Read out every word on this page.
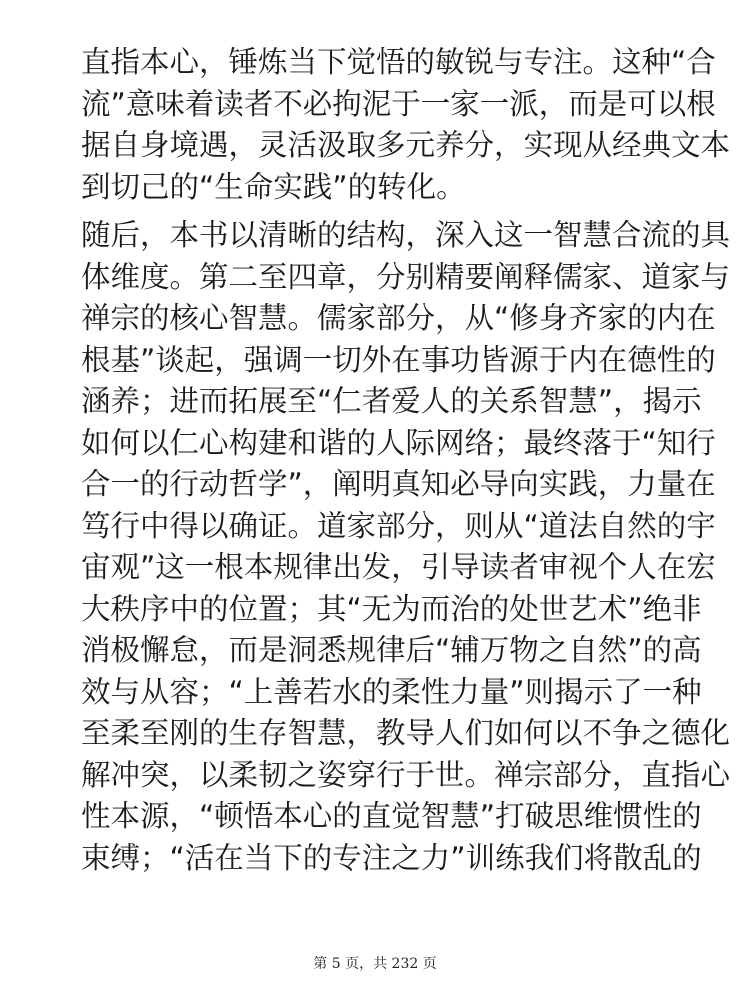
直指本心，锤炼当下觉悟的敏锐与专注。这种“合
流”意味着读者不必拘泥于一家一派，而是可以根
据自身境遇，灵活汲取多元养分，实现从经典文本
到切己的“生命实践”的转化。
随后，本书以清晰的结构，深入这一智慧合流的具
体维度。第二至四章，分别精要阐释儒家、道家与
禅宗的核心智慧。儒家部分，从“修身齐家的内在
根基”谈起，强调一切外在事功皆源于内在德性的
涵养；进而拓展至“仁者爱人的关系智慧”，揭示
如何以仁心构建和谐的人际网络；最终落于“知行
合一的行动哲学”，阐明真知必导向实践，力量在
笃行中得以确证。道家部分，则从“道法自然的宇
宙观”这一根本规律出发，引导读者审视个人在宏
大秩序中的位置；其“无为而治的处世艺术”绝非
消极懈怠，而是洞悉规律后“辅万物之自然”的高
效与从容；“上善若水的柔性力量”则揭示了一种
至柔至刚的生存智慧，教导人们如何以不争之德化
解冲突，以柔韧之姿穿行于世。禅宗部分，直指心
性本源，“顿悟本心的直觉智慧”打破思维惯性的
束缚；“活在当下的专注之力”训练我们将散乱的
第 5 页，共 232 页
